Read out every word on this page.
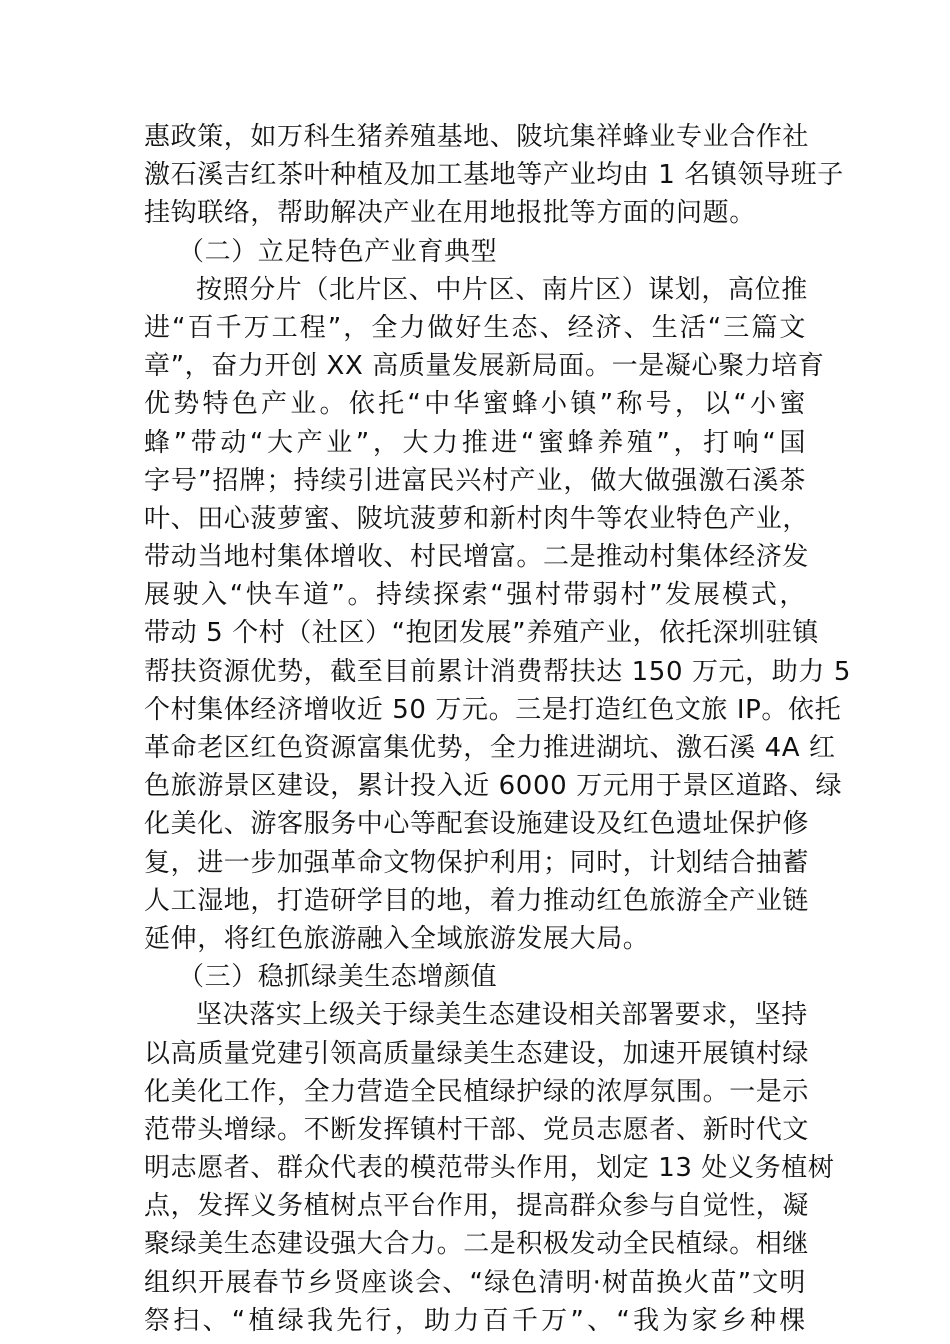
惠政策，如万科生猪养殖基地、陂坑集祥蜂业专业合作社
激石溪吉红茶叶种植及加工基地等产业均由 1 名镇领导班子
挂钩联络，帮助解决产业在用地报批等方面的问题。
（二）立足特色产业育典型
按照分片（北片区、中片区、南片区）谋划，高位推
进“百千万工程”，全力做好生态、经济、生活“三篇文
章”，奋力开创 XX 高质量发展新局面。一是凝心聚力培育
优势特色产业。依托“中华蜜蜂小镇”称号，以“小蜜
蜂”带动“大产业”，大力推进“蜜蜂养殖”，打响“国
字号”招牌；持续引进富民兴村产业，做大做强激石溪茶
叶、田心菠萝蜜、陂坑菠萝和新村肉牛等农业特色产业，
带动当地村集体增收、村民增富。二是推动村集体经济发
展驶入“快车道”。持续探索“强村带弱村”发展模式，
带动 5 个村（社区）“抱团发展”养殖产业，依托深圳驻镇
帮扶资源优势，截至目前累计消费帮扶达 150 万元，助力 5
个村集体经济增收近 50 万元。三是打造红色文旅 IP。依托
革命老区红色资源富集优势，全力推进湖坑、激石溪 4A 红
色旅游景区建设，累计投入近 6000 万元用于景区道路、绿
化美化、游客服务中心等配套设施建设及红色遗址保护修
复，进一步加强革命文物保护利用；同时，计划结合抽蓄
人工湿地，打造研学目的地，着力推动红色旅游全产业链
延伸，将红色旅游融入全域旅游发展大局。
（三）稳抓绿美生态增颜值
坚决落实上级关于绿美生态建设相关部署要求，坚持
以高质量党建引领高质量绿美生态建设，加速开展镇村绿
化美化工作，全力营造全民植绿护绿的浓厚氛围。一是示
范带头增绿。不断发挥镇村干部、党员志愿者、新时代文
明志愿者、群众代表的模范带头作用，划定 13 处义务植树
点，发挥义务植树点平台作用，提高群众参与自觉性，凝
聚绿美生态建设强大合力。二是积极发动全民植绿。相继
组织开展春节乡贤座谈会、“绿色清明·树苗换火苗”文明
祭扫、“植绿我先行，助力百千万”、“我为家乡种棵
